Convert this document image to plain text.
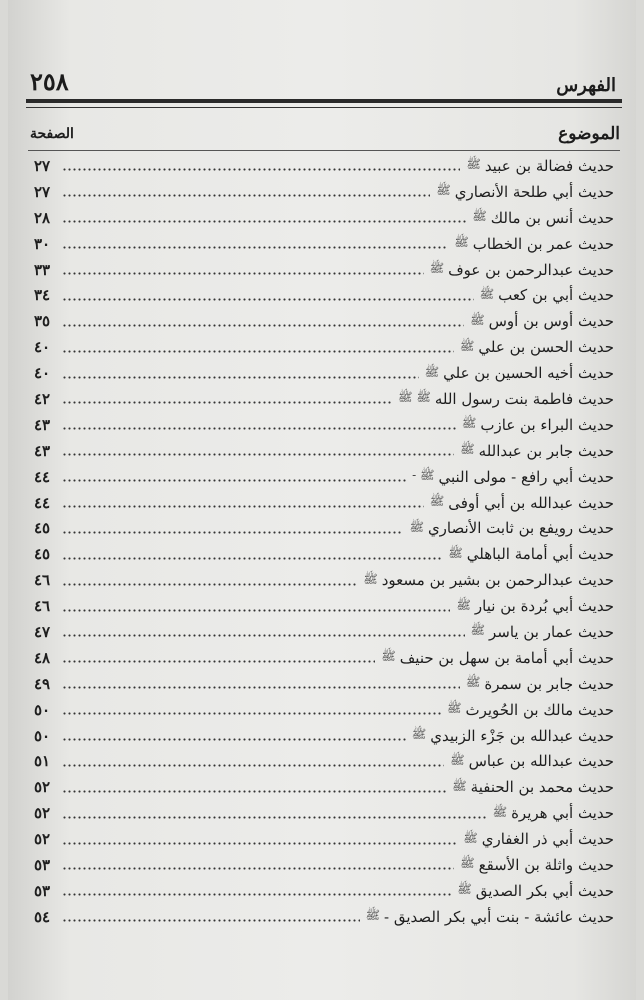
الفهرس
٢٥٨
الموضوع
الصفحة
حديث فضالة بن عبيد
ﷺ
٢٧
حديث أبي طلحة الأنصاري
ﷺ
٢٧
حديث أنس بن مالك
ﷺ
٢٨
حديث عمر بن الخطاب
ﷺ
٣٠
حديث عبدالرحمن بن عوف
ﷺ
٣٣
حديث أبي بن كعب
ﷺ
٣٤
حديث أوس بن أوس
ﷺ
٣٥
حديث الحسن بن علي
ﷺ
٤٠
حديث أخيه الحسين بن علي
ﷺ
٤٠
حديث فاطمة بنت رسول الله
ﷺ ﷺ
٤٢
حديث البراء بن عازب
ﷺ
٤٣
حديث جابر بن عبدالله
ﷺ
٤٣
حديث أبي رافع - مولى النبي
ﷺ -
٤٤
حديث عبدالله بن أبي أوفى
ﷺ
٤٤
حديث رويفع بن ثابت الأنصاري
ﷺ
٤٥
حديث أبي أمامة الباهلي
ﷺ
٤٥
حديث عبدالرحمن بن بشير بن مسعود
ﷺ
٤٦
حديث أبي بُردة بن نيار
ﷺ
٤٦
حديث عمار بن ياسر
ﷺ
٤٧
حديث أبي أمامة بن سهل بن حنيف
ﷺ
٤٨
حديث جابر بن سمرة
ﷺ
٤٩
حديث مالك بن الحُويرث
ﷺ
٥٠
حديث عبدالله بن جَزْء الزبيدي
ﷺ
٥٠
حديث عبدالله بن عباس
ﷺ
٥١
حديث محمد بن الحنفية
ﷺ
٥٢
حديث أبي هريرة
ﷺ
٥٢
حديث أبي ذر الغفاري
ﷺ
٥٢
حديث واثلة بن الأسقع
ﷺ
٥٣
حديث أبي بكر الصديق
ﷺ
٥٣
حديث عائشة - بنت أبي بكر الصديق -
ﷺ
٥٤
